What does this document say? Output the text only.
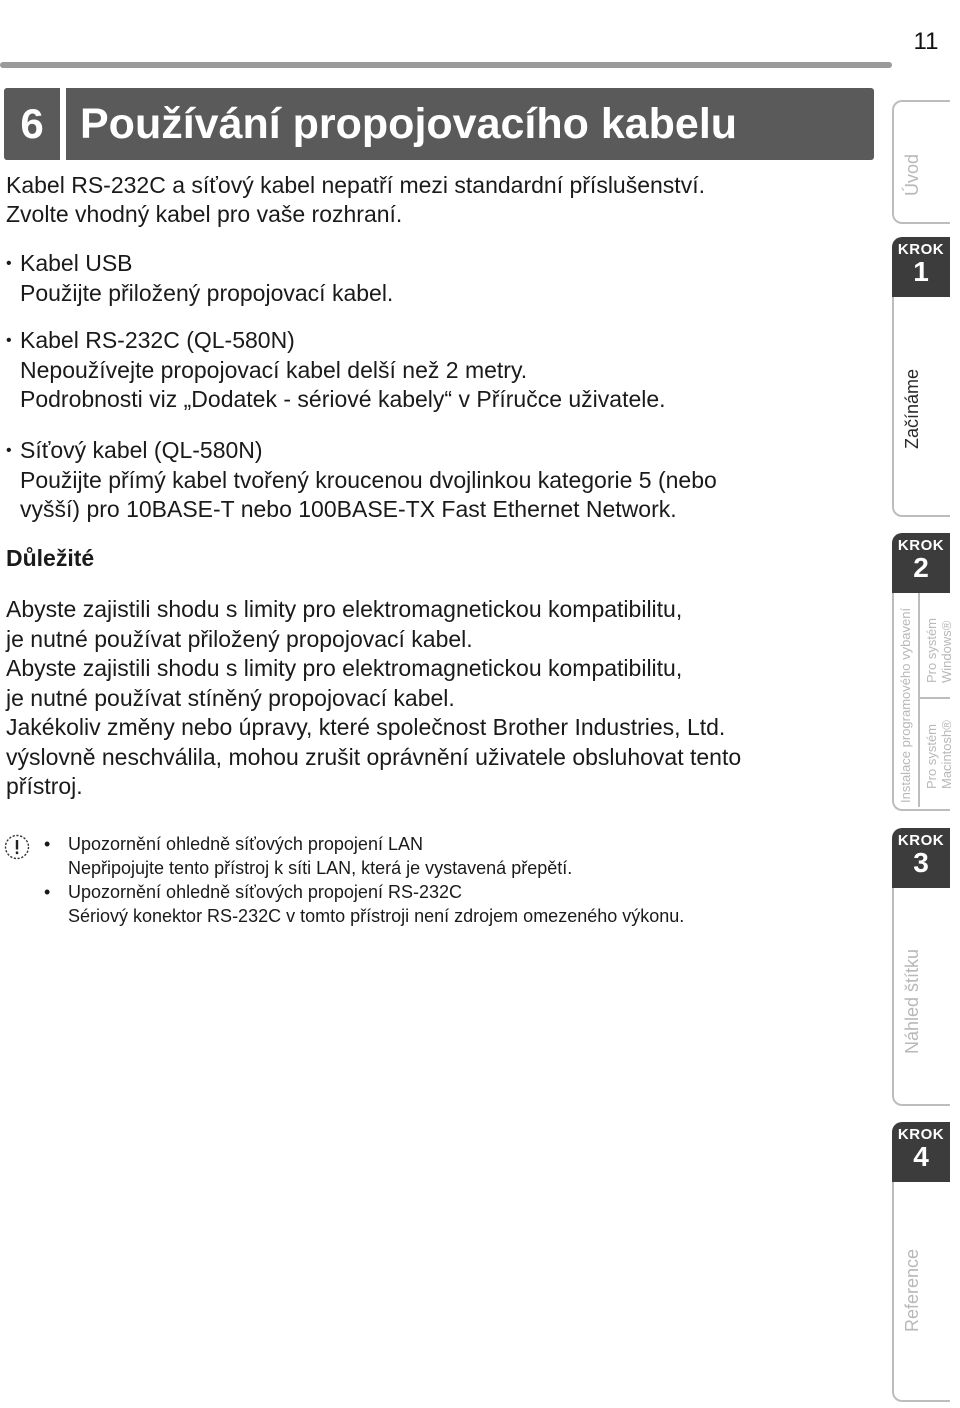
11
6 Používání propojovacího kabelu
Kabel RS-232C a síťový kabel nepatří mezi standardní příslušenství.
Zvolte vhodný kabel pro vaše rozhraní.
• Kabel USB
Použijte přiložený propojovací kabel.
• Kabel RS-232C (QL-580N)
Nepoužívejte propojovací kabel delší než 2 metry.
Podrobnosti viz „Dodatek - sériové kabely“ v Příručce uživatele.
• Síťový kabel (QL-580N)
Použijte přímý kabel tvořený kroucenou dvojlinkou kategorie 5 (nebo
vyšší) pro 10BASE-T nebo 100BASE-TX Fast Ethernet Network.
Důležité
Abyste zajistili shodu s limity pro elektromagnetickou kompatibilitu,
je nutné používat přiložený propojovací kabel.
Abyste zajistili shodu s limity pro elektromagnetickou kompatibilitu,
je nutné používat stíněný propojovací kabel.
Jakékoliv změny nebo úpravy, které společnost Brother Industries, Ltd.
výslovně neschválila, mohou zrušit oprávnění uživatele obsluhovat tento
přístroj.
• Upozornění ohledně síťových propojení LAN
Nepřipojujte tento přístroj k síti LAN, která je vystavená přepětí.
• Upozornění ohledně síťových propojení RS-232C
Sériový konektor RS-232C v tomto přístroji není zdrojem omezeného výkonu.
Úvod
KROK
1
Začínáme
KROK
2
Instalace programového vybavení Pro systém Windows®
Pro systém Macintosh®
KROK
3
Náhled štítku
KROK
4
Reference
